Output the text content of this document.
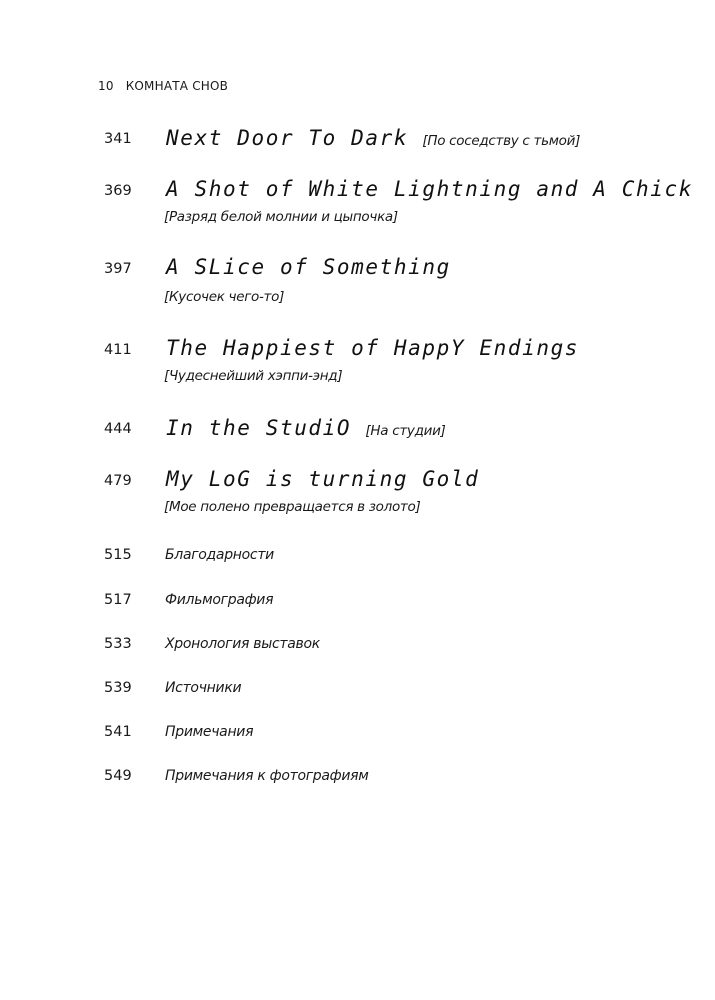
10 КОМНАТА СНОВ
341 Next Door To Dark [По соседству с тьмой]
369 A Shot of White Lightning and A Chick
[Разряд белой молнии и цыпочка]
397 A SLice of Something
[Кусочек чего-то]
411 The Happiest of HappY Endings
[Чудеснейший хэппи-энд]
444 In the StudiO [На студии]
479 My LoG is turning Gold
[Мое полено превращается в золото]
515 Благодарности
517 Фильмография
533 Хронология выставок
539 Источники
541 Примечания
549 Примечания к фотографиям
